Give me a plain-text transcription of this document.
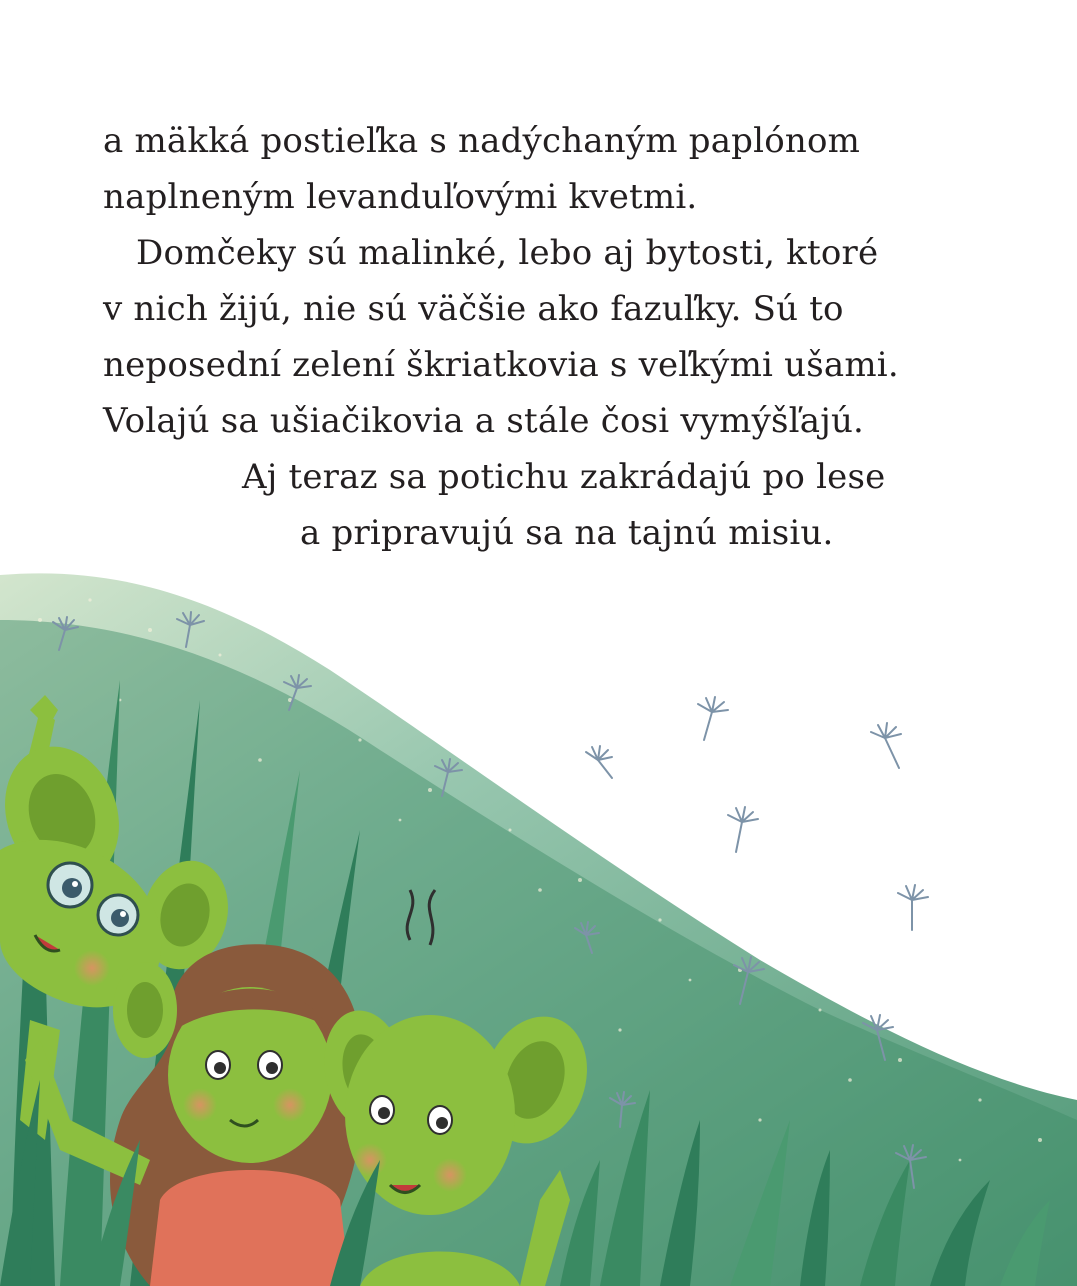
a mäkká postieľka s nadýchaným paplónom
naplneným levanduľovými kvetmi.
Domčeky sú malinké, lebo aj bytosti, ktoré
v nich žijú, nie sú väčšie ako fazuľky. Sú to
neposední zelení škriatkovia s veľkými ušami.
Volajú sa ušiačikovia a stále čosi vymýšľajú.
Aj teraz sa potichu zakrádajú po lese
a pripravujú sa na tajnú misiu.
